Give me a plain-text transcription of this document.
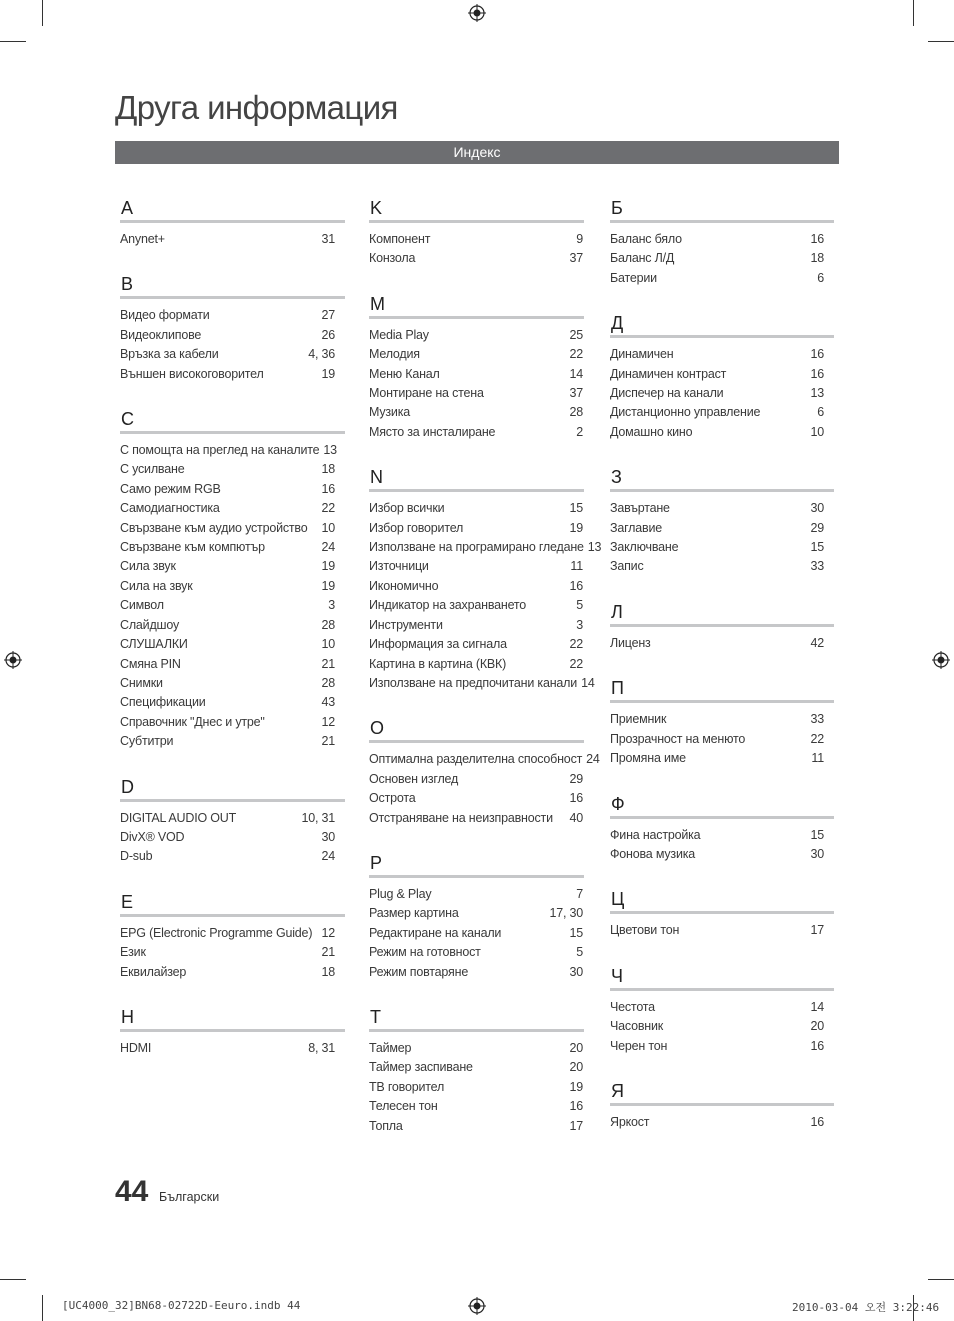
Друга информация
Индекс
A
Anynet+	31
B
Видео формати	27
Видеоклипове	26
Връзка за кабели	4, 36
Външен високоговорител	19
C
С помощта на преглед на каналите 13
С усилване	18
Само режим RGB	16
Самодиагностика	22
Свързване към аудио устройство	10
Свързване към компютър	24
Сила звук	19
Сила на звук	19
Символ	3
Слайдшоу	28
СЛУШАЛКИ	10
Смяна PIN	21
Снимки	28
Спецификации	43
Справочник "Днес и утре"	12
Субтитри	21
D
DIGITAL AUDIO OUT	10, 31
DivX® VOD	30
D-sub	24
E
EPG (Electronic Programme Guide) 12
Език	21
Еквилайзер	18
H
HDMI	8, 31
K
Компонент	9
Конзола	37
M
Media Play	25
Мелодия	22
Меню Канал	14
Монтиране на стена	37
Музика	28
Място за инсталиране	2
N
Избор всички	15
Избор говорител	19
Използване на програмирано гледане 13
Източници	11
Икономично	16
Индикатор на захранването	5
Инструменти	3
Информация за сигнала	22
Картина в картина (КВК)	22
Използване на предпочитани канали 14
O
Оптимална разделителна способност 24
Основен изглед	29
Острота	16
Отстраняване на неизправности	40
P
Plug & Play	7
Размер картина	17, 30
Редактиране на канали	15
Режим на готовност	5
Режим повтаряне	30
T
Таймер	20
Таймер заспиване	20
ТВ говорител	19
Телесен тон	16
Топла	17
Б
Баланс бяло	16
Баланс Л/Д	18
Батерии	6
Д
Динамичен	16
Динамичен контраст	16
Диспечер на канали	13
Дистанционно управление	6
Домашно кино	10
З
Завъртане	30
Заглавие	29
Заключване	15
Запис	33
Л
Лиценз	42
П
Приемник	33
Прозрачност на менюто	22
Промяна име	11
Ф
Фина настройка	15
Фонова музика	30
Ц
Цветови тон	17
Ч
Честота	14
Часовник	20
Черен тон	16
Я
Яркост	16
44 Български
[UC4000_32]BN68-02722D-Eeuro.indb 44	2010-03-04 오전 3:22:46
